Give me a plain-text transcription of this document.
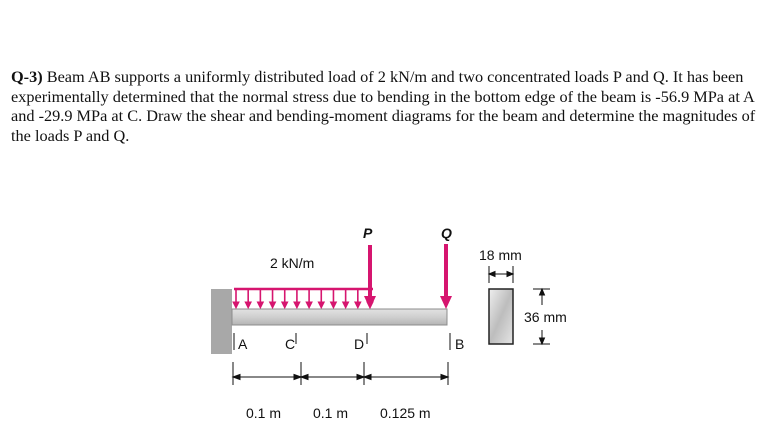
Q-3) Beam AB supports a uniformly distributed load of 2 kN/m and two concentrated loads P and Q. It has been experimentally determined that the normal stress due to bending in the bottom edge of the beam is -56.9 MPa at A and -29.9 MPa at C. Draw the shear and bending-moment diagrams for the beam and determine the magnitudes of the loads P and Q.
P	Q
2 kN/m
A	C	D	B
0.1 m 0.1 m 0.125 m
18 mm
36 mm
